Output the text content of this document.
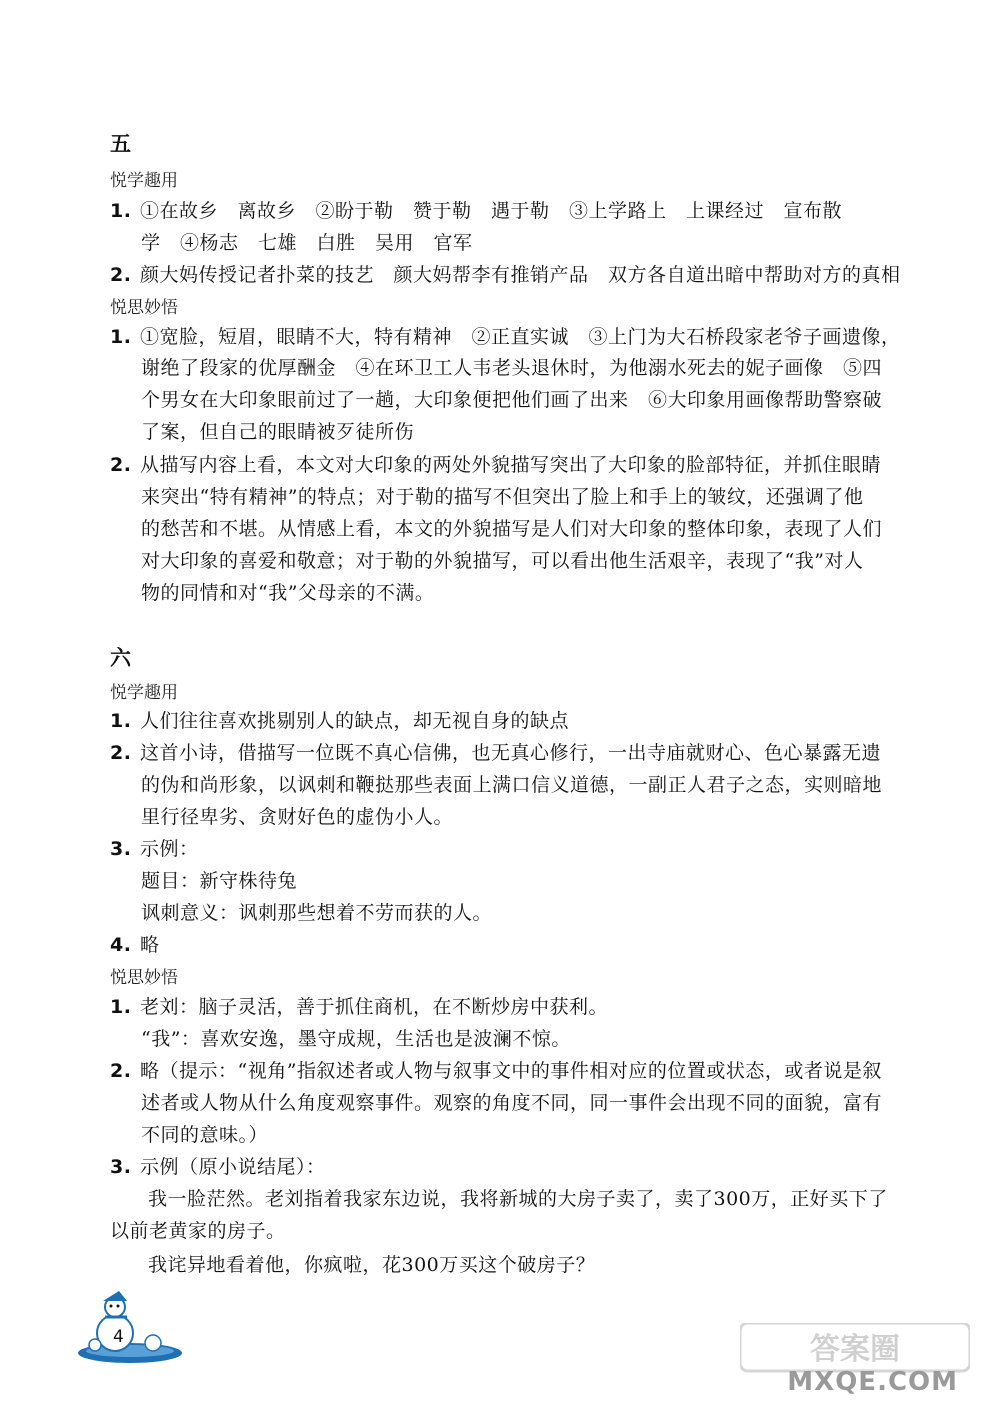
五
悦学趣用
1. ①在故乡　离故乡　②盼于勒　赞于勒　遇于勒　③上学路上　上课经过　宣布散
学　④杨志　七雄　白胜　吴用　官军
2. 颜大妈传授记者扑菜的技艺　颜大妈帮李有推销产品　双方各自道出暗中帮助对方的真相
悦思妙悟
1. ①宽脸，短眉，眼睛不大，特有精神　②正直实诚　③上门为大石桥段家老爷子画遗像，
谢绝了段家的优厚酬金　④在环卫工人韦老头退休时，为他溺水死去的妮子画像　⑤四
个男女在大印象眼前过了一趟，大印象便把他们画了出来　⑥大印象用画像帮助警察破
了案，但自己的眼睛被歹徒所伤
2. 从描写内容上看，本文对大印象的两处外貌描写突出了大印象的脸部特征，并抓住眼睛
来突出“特有精神”的特点；对于勒的描写不但突出了脸上和手上的皱纹，还强调了他
的愁苦和不堪。从情感上看，本文的外貌描写是人们对大印象的整体印象，表现了人们
对大印象的喜爱和敬意；对于勒的外貌描写，可以看出他生活艰辛，表现了“我”对人
物的同情和对“我”父母亲的不满。
六
悦学趣用
1. 人们往往喜欢挑剔别人的缺点，却无视自身的缺点
2. 这首小诗，借描写一位既不真心信佛，也无真心修行，一出寺庙就财心、色心暴露无遗
的伪和尚形象，以讽刺和鞭挞那些表面上满口信义道德，一副正人君子之态，实则暗地
里行径卑劣、贪财好色的虚伪小人。
3. 示例：
题目：新守株待兔
讽刺意义：讽刺那些想着不劳而获的人。
4. 略
悦思妙悟
1. 老刘：脑子灵活，善于抓住商机，在不断炒房中获利。
“我”：喜欢安逸，墨守成规，生活也是波澜不惊。
2. 略（提示：“视角”指叙述者或人物与叙事文中的事件相对应的位置或状态，或者说是叙
述者或人物从什么角度观察事件。观察的角度不同，同一事件会出现不同的面貌，富有
不同的意味。）
3. 示例（原小说结尾）：
我一脸茫然。老刘指着我家东边说，我将新城的大房子卖了，卖了300万，正好买下了
以前老黄家的房子。
我诧异地看着他，你疯啦，花300万买这个破房子？
4	答案圈
MXQE.COM
